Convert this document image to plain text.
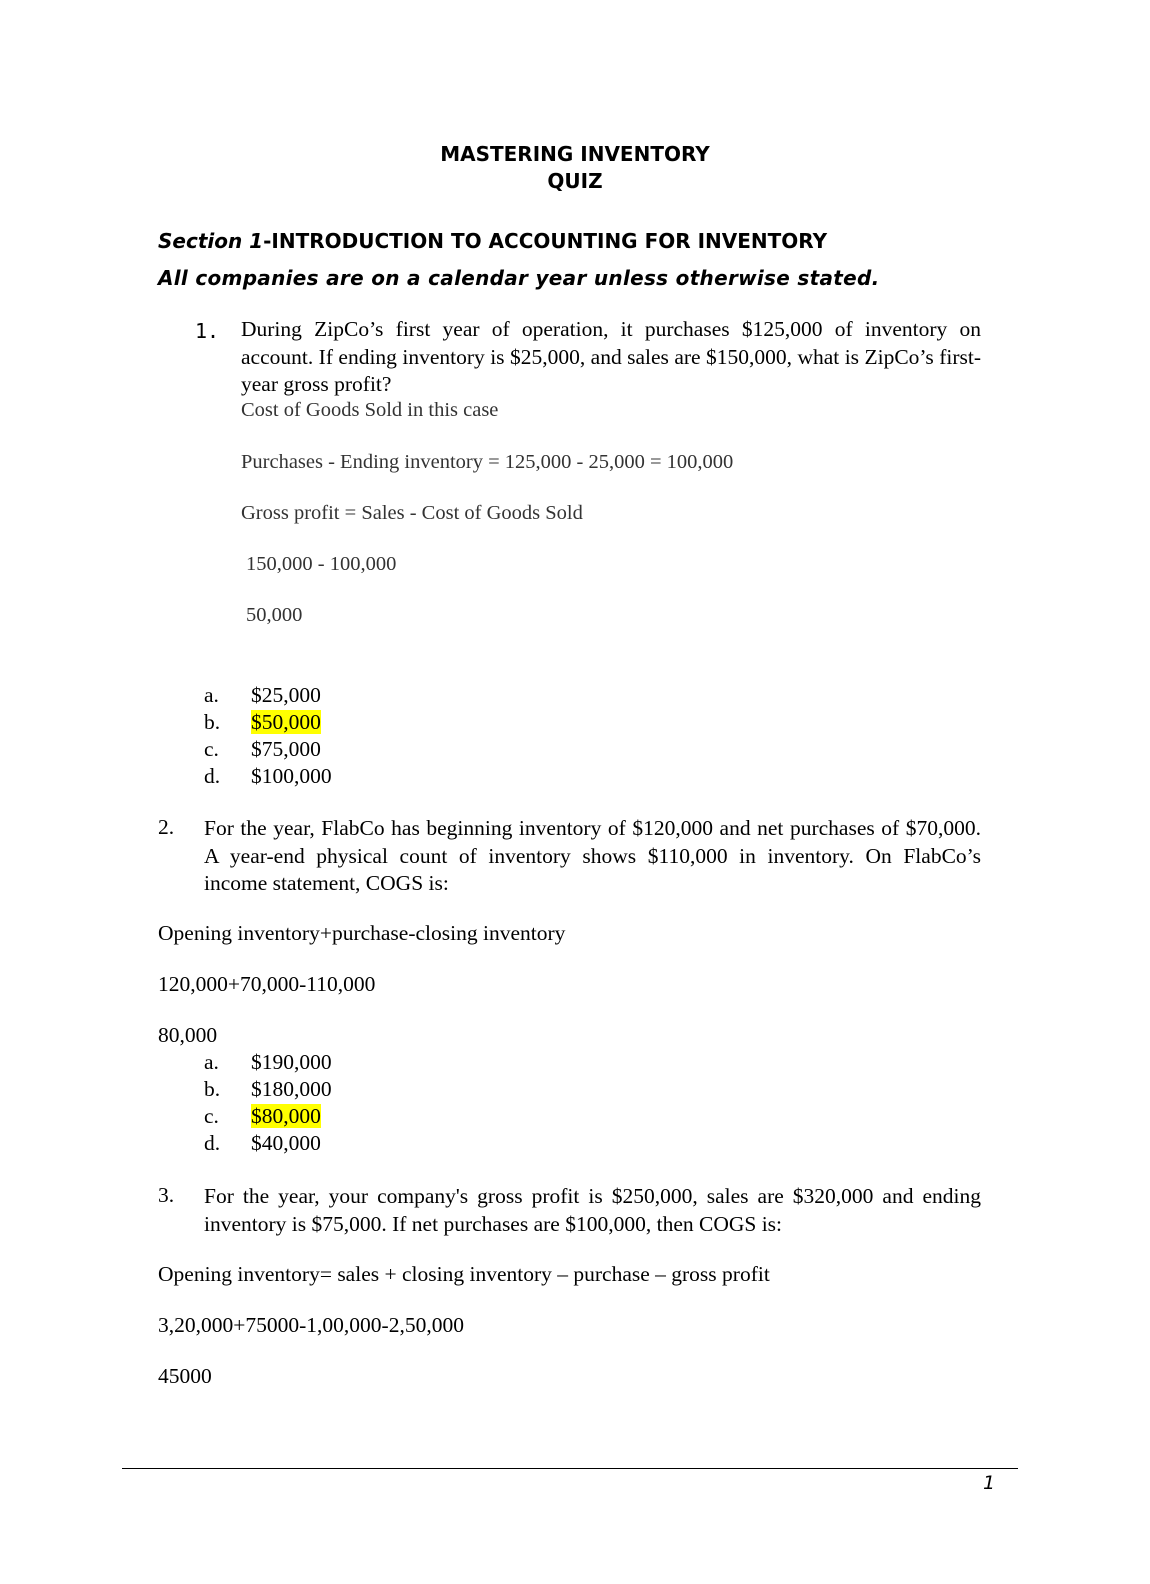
MASTERING INVENTORY
QUIZ
Section 1-INTRODUCTION TO ACCOUNTING FOR INVENTORY
All companies are on a calendar year unless otherwise stated.
1. During ZipCo’s first year of operation, it purchases $125,000 of inventory on account. If ending inventory is $25,000, and sales are $150,000, what is ZipCo’s first-year gross profit?
Cost of Goods Sold in this case
Purchases - Ending inventory = 125,000 - 25,000 = 100,000
Gross profit = Sales - Cost of Goods Sold
150,000 - 100,000
50,000
a. $25,000
b. $50,000
c. $75,000
d. $100,000
2. For the year, FlabCo has beginning inventory of $120,000 and net purchases of $70,000. A year-end physical count of inventory shows $110,000 in inventory. On FlabCo’s income statement, COGS is:
Opening inventory+purchase-closing inventory
120,000+70,000-110,000
80,000
a. $190,000
b. $180,000
c. $80,000
d. $40,000
3. For the year, your company's gross profit is $250,000, sales are $320,000 and ending inventory is $75,000. If net purchases are $100,000, then COGS is:
Opening inventory= sales + closing inventory – purchase – gross profit
3,20,000+75000-1,00,000-2,50,000
45000
1
